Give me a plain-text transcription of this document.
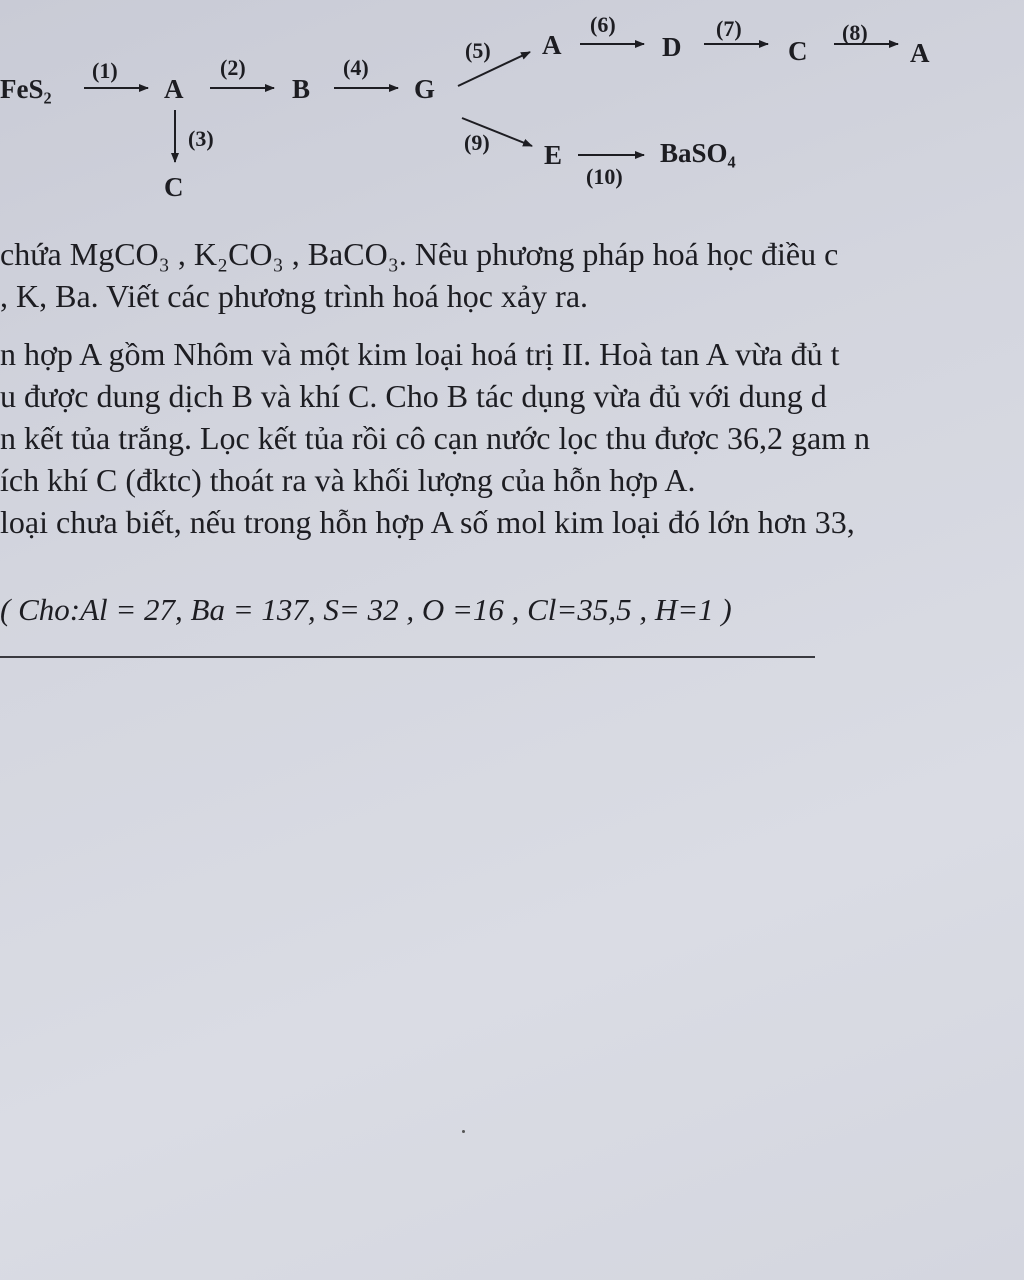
FeS₂	A	B	G
C
A	D	C	A
E	BaSO₄
(1)	(2)
(3)
(4)
(5)
(6)	(7)	(8)
(9)
(10)
chứa MgCO₃ , K₂CO₃ , BaCO₃. Nêu phương pháp hoá học điều c
, K, Ba. Viết các phương trình hoá học xảy ra.
n hợp A gồm Nhôm và một kim loại hoá trị II. Hoà tan A vừa đủ t
u được dung dịch B và khí C. Cho B tác dụng vừa đủ với dung d
n kết tủa trắng. Lọc kết tủa rồi cô cạn nước lọc thu được 36,2 gam n
ích khí C (đktc) thoát ra và khối lượng của hỗn hợp A.
loại chưa biết, nếu trong hỗn hợp A số mol kim loại đó lớn hơn 33,
( Cho:Al = 27, Ba = 137, S= 32 , O =16 , Cl=35,5 , H=1 )
